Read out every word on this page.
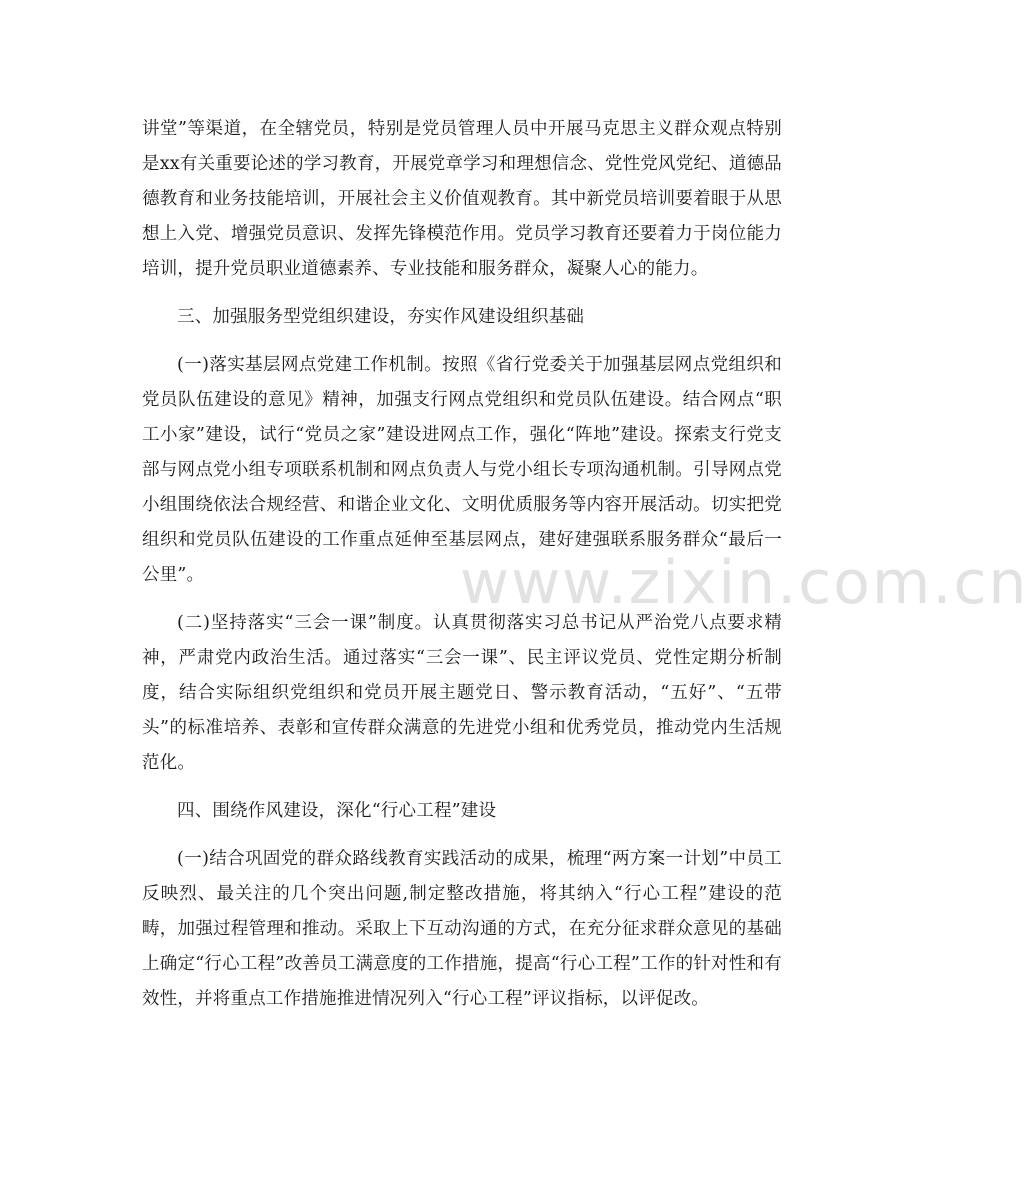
讲堂”等渠道，在全辖党员，特别是党员管理人员中开展马克思主义群众观点特别是xx有关重要论述的学习教育，开展党章学习和理想信念、党性党风党纪、道德品德教育和业务技能培训，开展社会主义价值观教育。其中新党员培训要着眼于从思想上入党、增强党员意识、发挥先锋模范作用。党员学习教育还要着力于岗位能力培训，提升党员职业道德素养、专业技能和服务群众，凝聚人心的能力。

三、加强服务型党组织建设，夯实作风建设组织基础

(一)落实基层网点党建工作机制。按照《省行党委关于加强基层网点党组织和党员队伍建设的意见》精神，加强支行网点党组织和党员队伍建设。结合网点“职工小家”建设，试行“党员之家”建设进网点工作，强化“阵地”建设。探索支行党支部与网点党小组专项联系机制和网点负责人与党小组长专项沟通机制。引导网点党小组围绕依法合规经营、和谐企业文化、文明优质服务等内容开展活动。切实把党组织和党员队伍建设的工作重点延伸至基层网点，建好建强联系服务群众“最后一公里”。

(二)坚持落实“三会一课”制度。认真贯彻落实习总书记从严治党八点要求精神，严肃党内政治生活。通过落实“三会一课”、民主评议党员、党性定期分析制度，结合实际组织党组织和党员开展主题党日、警示教育活动，“五好”、“五带头”的标准培养、表彰和宣传群众满意的先进党小组和优秀党员，推动党内生活规范化。

四、围绕作风建设，深化“行心工程”建设

(一)结合巩固党的群众路线教育实践活动的成果，梳理“两方案一计划”中员工反映烈、最关注的几个突出问题,制定整改措施，将其纳入“行心工程”建设的范畴，加强过程管理和推动。采取上下互动沟通的方式，在充分征求群众意见的基础上确定“行心工程”改善员工满意度的工作措施，提高“行心工程”工作的针对性和有效性，并将重点工作措施推进情况列入“行心工程”评议指标，以评促改。

www.zixin.com.cn
